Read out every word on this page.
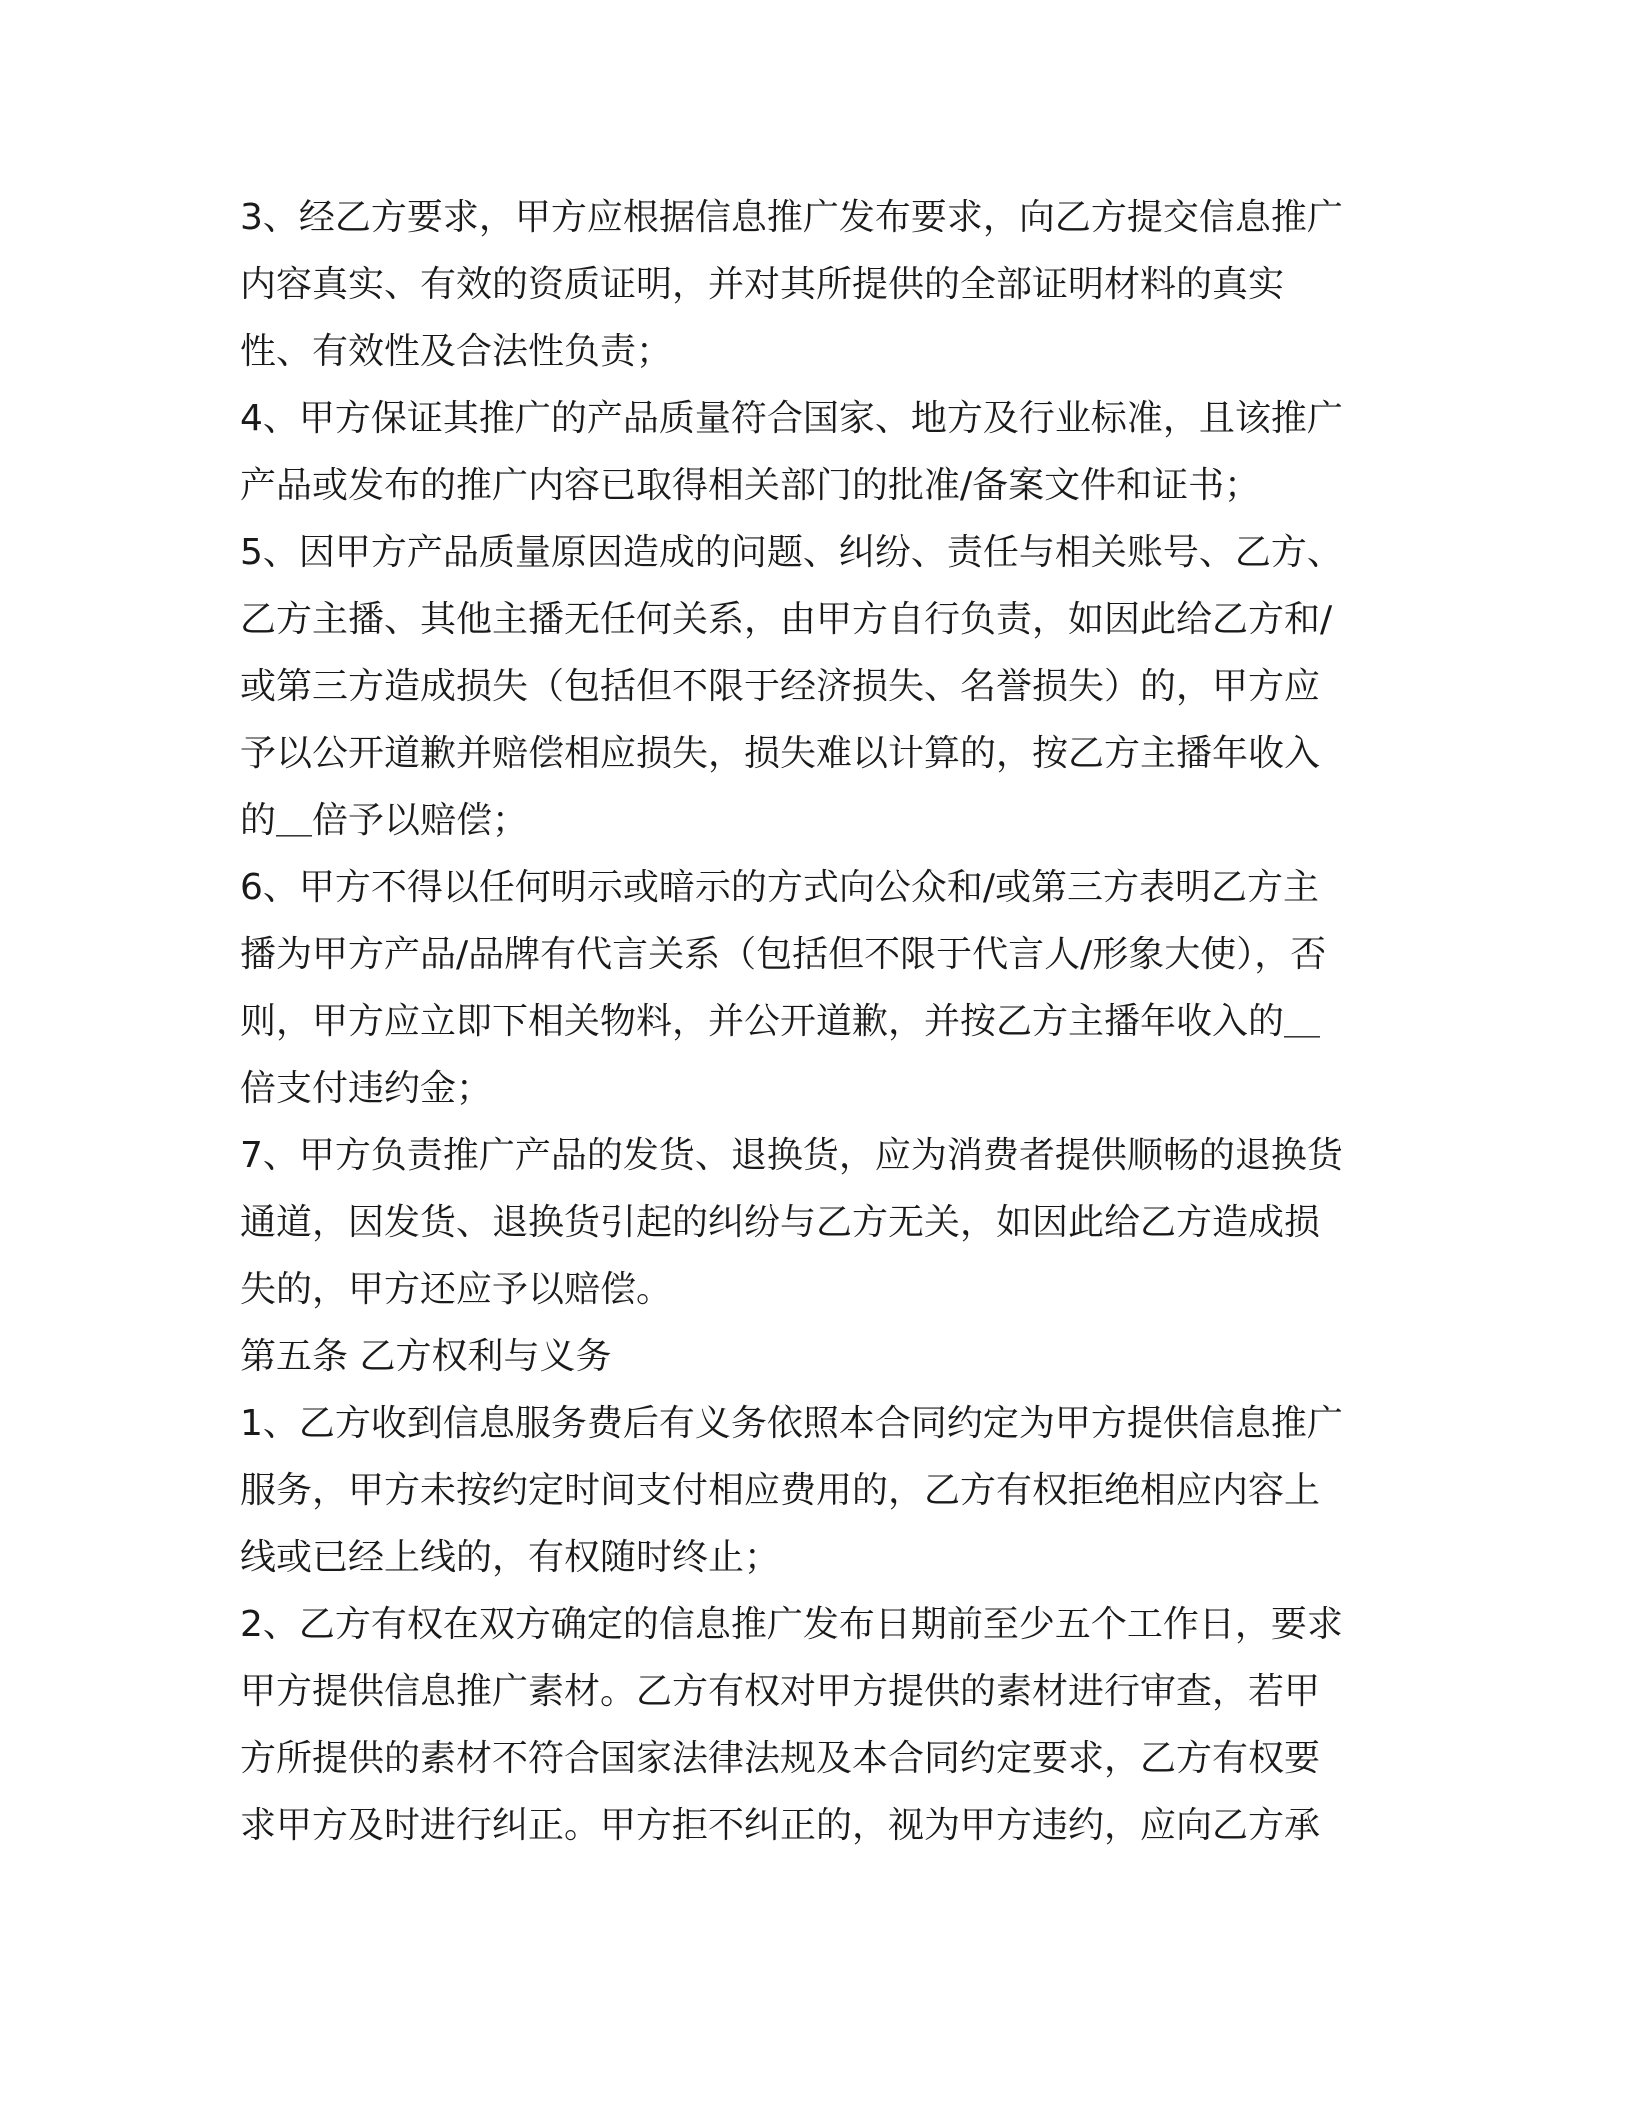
3、经乙方要求，甲方应根据信息推广发布要求，向乙方提交信息推广
内容真实、有效的资质证明，并对其所提供的全部证明材料的真实
性、有效性及合法性负责；
4、甲方保证其推广的产品质量符合国家、地方及行业标准，且该推广
产品或发布的推广内容已取得相关部门的批准/备案文件和证书；
5、因甲方产品质量原因造成的问题、纠纷、责任与相关账号、乙方、
乙方主播、其他主播无任何关系，由甲方自行负责，如因此给乙方和/
或第三方造成损失（包括但不限于经济损失、名誉损失）的，甲方应
予以公开道歉并赔偿相应损失，损失难以计算的，按乙方主播年收入
的＿倍予以赔偿；
6、甲方不得以任何明示或暗示的方式向公众和/或第三方表明乙方主
播为甲方产品/品牌有代言关系（包括但不限于代言人/形象大使），否
则，甲方应立即下相关物料，并公开道歉，并按乙方主播年收入的＿
倍支付违约金；
7、甲方负责推广产品的发货、退换货，应为消费者提供顺畅的退换货
通道，因发货、退换货引起的纠纷与乙方无关，如因此给乙方造成损
失的，甲方还应予以赔偿。
第五条 乙方权利与义务
1、乙方收到信息服务费后有义务依照本合同约定为甲方提供信息推广
服务，甲方未按约定时间支付相应费用的，乙方有权拒绝相应内容上
线或已经上线的，有权随时终止；
2、乙方有权在双方确定的信息推广发布日期前至少五个工作日，要求
甲方提供信息推广素材。乙方有权对甲方提供的素材进行审查，若甲
方所提供的素材不符合国家法律法规及本合同约定要求，乙方有权要
求甲方及时进行纠正。甲方拒不纠正的，视为甲方违约，应向乙方承
